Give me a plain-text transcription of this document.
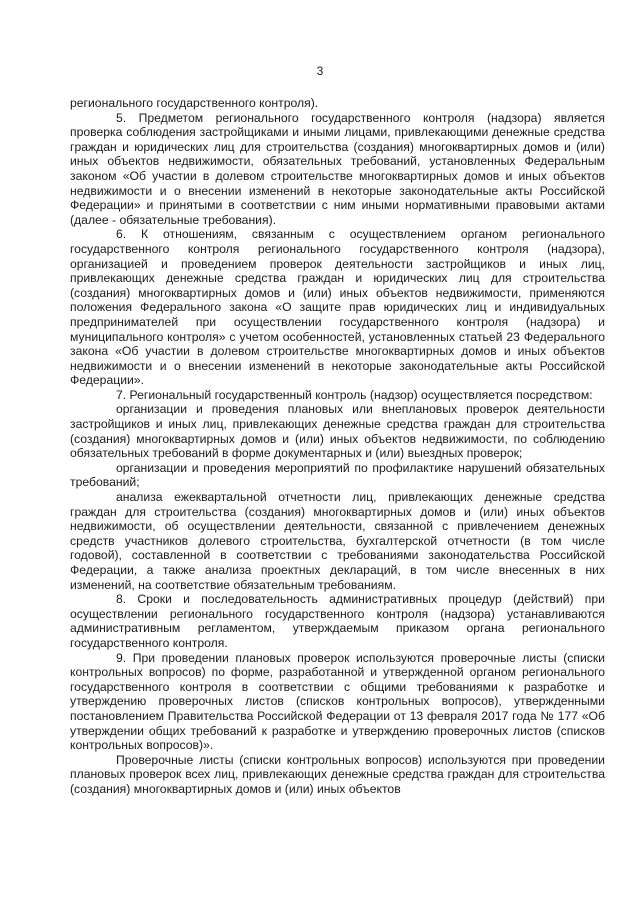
3

регионального государственного контроля).

5. Предметом регионального государственного контроля (надзора) является проверка соблюдения застройщиками и иными лицами, привлекающими денежные средства граждан и юридических лиц для строительства (создания) многоквартирных домов и (или) иных объектов недвижимости, обязательных требований, установленных Федеральным законом «Об участии в долевом строительстве многоквартирных домов и иных объектов недвижимости и о внесении изменений в некоторые законодательные акты Российской Федерации» и принятыми в соответствии с ним иными нормативными правовыми актами (далее - обязательные требования).

6. К отношениям, связанным с осуществлением органом регионального государственного контроля регионального государственного контроля (надзора), организацией и проведением проверок деятельности застройщиков и иных лиц, привлекающих денежные средства граждан и юридических лиц для строительства (создания) многоквартирных домов и (или) иных объектов недвижимости, применяются положения Федерального закона «О защите прав юридических лиц и индивидуальных предпринимателей при осуществлении государственного контроля (надзора) и муниципального контроля» с учетом особенностей, установленных статьей 23 Федерального закона «Об участии в долевом строительстве многоквартирных домов и иных объектов недвижимости и о внесении изменений в некоторые законодательные акты Российской Федерации».

7. Региональный государственный контроль (надзор) осуществляется посредством:

организации и проведения плановых или внеплановых проверок деятельности застройщиков и иных лиц, привлекающих денежные средства граждан для строительства (создания) многоквартирных домов и (или) иных объектов недвижимости, по соблюдению обязательных требований в форме документарных и (или) выездных проверок;

организации и проведения мероприятий по профилактике нарушений обязательных требований;

анализа ежеквартальной отчетности лиц, привлекающих денежные средства граждан для строительства (создания) многоквартирных домов и (или) иных объектов недвижимости, об осуществлении деятельности, связанной с привлечением денежных средств участников долевого строительства, бухгалтерской отчетности (в том числе годовой), составленной в соответствии с требованиями законодательства Российской Федерации, а также анализа проектных деклараций, в том числе внесенных в них изменений, на соответствие обязательным требованиям.

8. Сроки и последовательность административных процедур (действий) при осуществлении регионального государственного контроля (надзора) устанавливаются административным регламентом, утверждаемым приказом органа регионального государственного контроля.

9. При проведении плановых проверок используются проверочные листы (списки контрольных вопросов) по форме, разработанной и утвержденной органом регионального государственного контроля в соответствии с общими требованиями к разработке и утверждению проверочных листов (списков контрольных вопросов), утвержденными постановлением Правительства Российской Федерации от 13 февраля 2017 года № 177 «Об утверждении общих требований к разработке и утверждению проверочных листов (списков контрольных вопросов)».

Проверочные листы (списки контрольных вопросов) используются при проведении плановых проверок всех лиц, привлекающих денежные средства граждан для строительства (создания) многоквартирных домов и (или) иных объектов
